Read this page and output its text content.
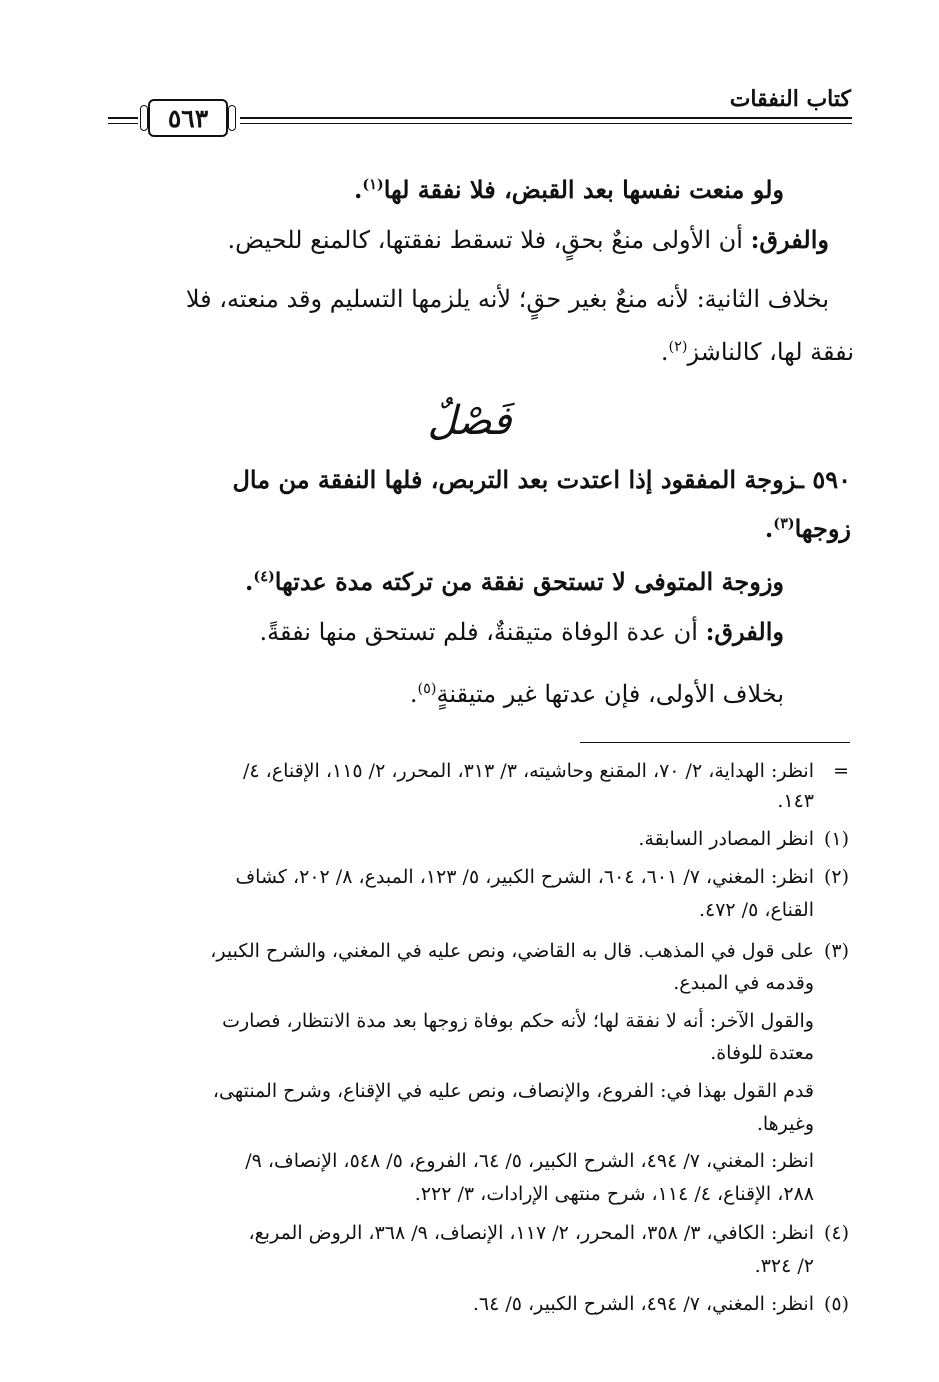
كتاب النفقات
٥٦٣
ولو منعت نفسها بعد القبض، فلا نفقة لها$^{(١)}$.
والفرق: أن الأولى منعٌ بحقٍ، فلا تسقط نفقتها، كالمنع للحيض.
بخلاف الثانية: لأنه منعٌ بغير حقٍ؛ لأنه يلزمها التسليم وقد منعته، فلا
نفقة لها، كالناشز$^{(٢)}$.
فَصْلٌ
٥٩٠ ـزوجة المفقود إذا اعتدت بعد التربص، فلها النفقة من مال
زوجها$^{(٣)}$.
وزوجة المتوفى لا تستحق نفقة من تركته مدة عدتها$^{(٤)}$.
والفرق: أن عدة الوفاة متيقنةٌ، فلم تستحق منها نفقةً.
بخلاف الأولى، فإن عدتها غير متيقنةٍ$^{(٥)}$.
=
انظر: الهداية، ٢/ ٧٠، المقنع وحاشيته، ٣/ ٣١٣، المحرر، ٢/ ١١٥، الإقناع، ٤/
١٤٣.
(١)
انظر المصادر السابقة.
(٢)
انظر: المغني، ٧/ ٦٠١، ٦٠٤، الشرح الكبير، ٥/ ١٢٣، المبدع، ٨/ ٢٠٢، كشاف
القناع، ٥/ ٤٧٢.
(٣)
على قول في المذهب. قال به القاضي، ونص عليه في المغني، والشرح الكبير،
وقدمه في المبدع.
والقول الآخر: أنه لا نفقة لها؛ لأنه حكم بوفاة زوجها بعد مدة الانتظار، فصارت
معتدة للوفاة.
قدم القول بهذا في: الفروع، والإنصاف، ونص عليه في الإقناع، وشرح المنتهى،
وغيرها.
انظر: المغني، ٧/ ٤٩٤، الشرح الكبير، ٥/ ٦٤، الفروع، ٥/ ٥٤٨، الإنصاف، ٩/
٢٨٨، الإقناع، ٤/ ١١٤، شرح منتهى الإرادات، ٣/ ٢٢٢.
(٤)
انظر: الكافي، ٣/ ٣٥٨، المحرر، ٢/ ١١٧، الإنصاف، ٩/ ٣٦٨، الروض المربع،
٢/ ٣٢٤.
(٥)
انظر: المغني، ٧/ ٤٩٤، الشرح الكبير، ٥/ ٦٤.
